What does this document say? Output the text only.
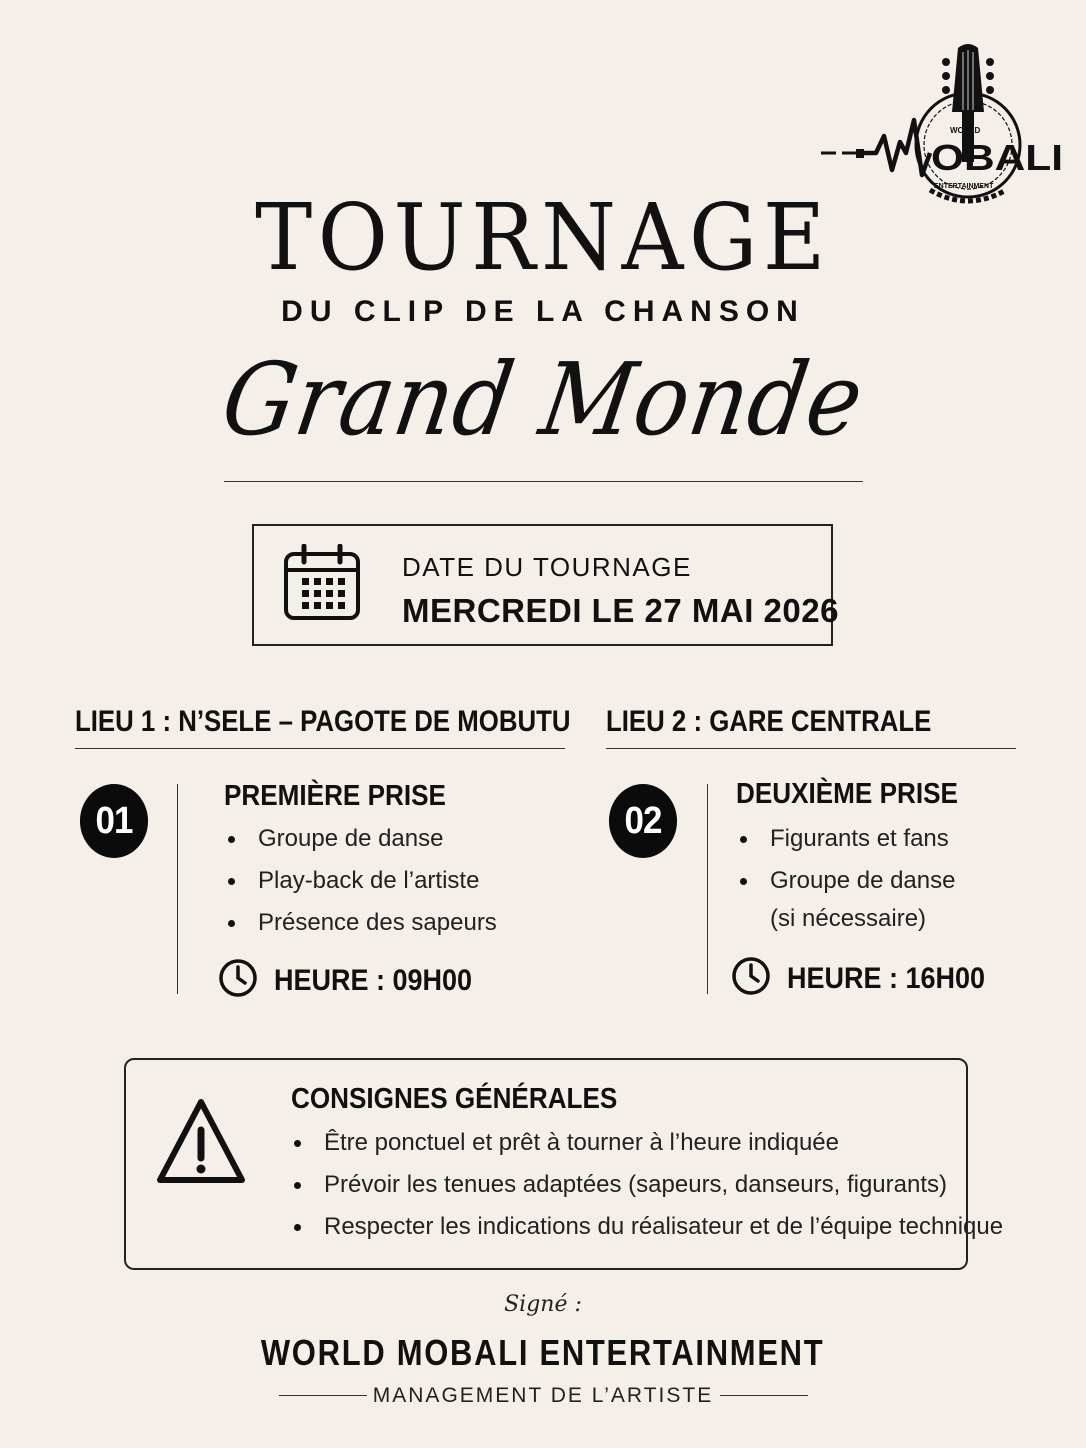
WORLD
OBALI
ENTERTAINMENT
TOURNAGE
DU CLIP DE LA CHANSON
Grand Monde
DATE DU TOURNAGE
MERCREDI LE 27 MAI 2026
LIEU 1 : N’SELE – PAGOTE DE MOBUTU
01
PREMIÈRE PRISE
Groupe de danse
Play-back de l’artiste
Présence des sapeurs
HEURE : 09H00
LIEU 2 : GARE CENTRALE
02
DEUXIÈME PRISE
Figurants et fans
Groupe de danse
(si nécessaire)
HEURE : 16H00
CONSIGNES GÉNÉRALES
Être ponctuel et prêt à tourner à l’heure indiquée
Prévoir les tenues adaptées (sapeurs, danseurs, figurants)
Respecter les indications du réalisateur et de l’équipe technique
Signé :
WORLD MOBALI ENTERTAINMENT
MANAGEMENT DE L’ARTISTE
